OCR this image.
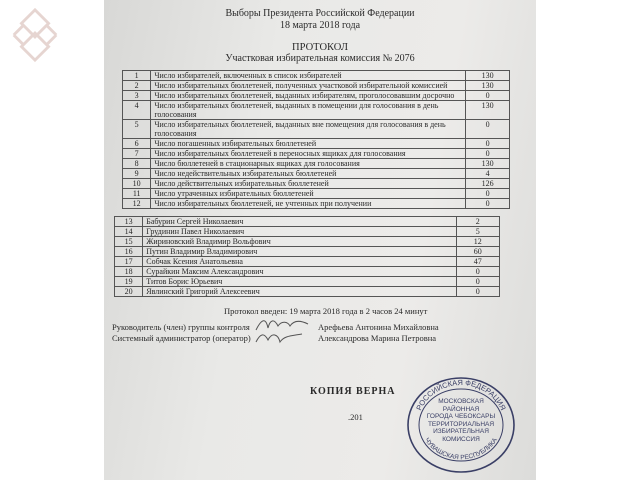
Выборы Президента Российской Федерации
18 марта 2018 года
ПРОТОКОЛ
Участковая избирательная комиссия № 2076
1	Число избирателей, включенных в список избирателей	130
2	Число избирательных бюллетеней, полученных участковой избирательной комиссией	130
3	Число избирательных бюллетеней, выданных избирателям, проголосовавшим досрочно	0
4	Число избирательных бюллетеней, выданных в помещении для голосования в день голосования	130
5	Число избирательных бюллетеней, выданных вне помещения для голосования в день голосования	0
6	Число погашенных избирательных бюллетеней	0
7	Число избирательных бюллетеней в переносных ящиках для голосования	0
8	Число бюллетеней в стационарных ящиках для голосования	130
9	Число недействительных избирательных бюллетеней	4
10	Число действительных избирательных бюллетеней	126
11	Число утраченных избирательных бюллетеней	0
12	Число избирательных бюллетеней, не учтенных при получении	0
13	Бабурин Сергей Николаевич	2
14	Грудинин Павел Николаевич	5
15	Жириновский Владимир Вольфович	12
16	Путин Владимир Владимирович	60
17	Собчак Ксения Анатольевна	47
18	Сурайкин Максим Александрович	0
19	Титов Борис Юрьевич	0
20	Явлинский Григорий Алексеевич	0
Протокол введен: 19 марта 2018 года в 2 часов 24 минут
Руководитель (член) группы контроля	Арефьева Антонина Михайловна
Системный администратор (оператор)	Александрова Марина Петровна
КОПИЯ ВЕРНА
.201
РОССИЙСКАЯ ФЕДЕРАЦИЯ
ЧУВАШСКАЯ РЕСПУБЛИКА
МОСКОВСКАЯ
РАЙОННАЯ
ГОРОДА ЧЕБОКСАРЫ
ТЕРРИТОРИАЛЬНАЯ
ИЗБИРАТЕЛЬНАЯ
КОМИССИЯ
